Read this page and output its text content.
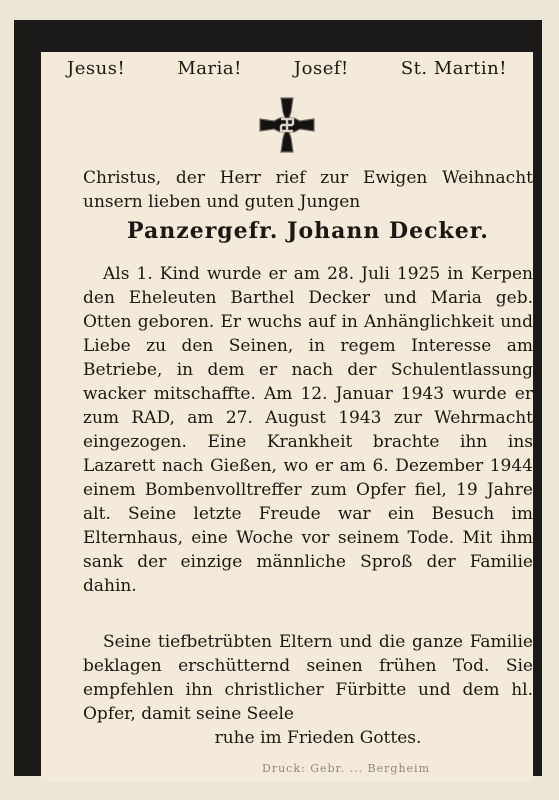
Jesus!	Maria!	Josef!	St. Martin!
Christus, der Herr rief zur Ewigen Weihnacht unsern lieben und guten Jungen
Panzergefr. Johann Decker.
Als 1. Kind wurde er am 28. Juli 1925 in Kerpen den Eheleuten Barthel Decker und Maria geb. Otten geboren. Er wuchs auf in Anhänglichkeit und Liebe zu den Seinen, in regem Interesse am Betriebe, in dem er nach der Schulentlassung wacker mitschaffte. Am 12. Januar 1943 wurde er zum RAD, am 27. August 1943 zur Wehrmacht eingezogen. Eine Krankheit brachte ihn ins Lazarett nach Gießen, wo er am 6. Dezember 1944 einem Bombenvolltreffer zum Opfer fiel, 19 Jahre alt. Seine letzte Freude war ein Besuch im Elternhaus, eine Woche vor seinem Tode. Mit ihm sank der einzige männliche Sproß der Familie dahin.
Seine tiefbetrübten Eltern und die ganze Familie beklagen erschütternd seinen frühen Tod. Sie empfehlen ihn christlicher Fürbitte und dem hl. Opfer, damit seine Seele
ruhe im Frieden Gottes.
Druck: Gebr. ... Bergheim
